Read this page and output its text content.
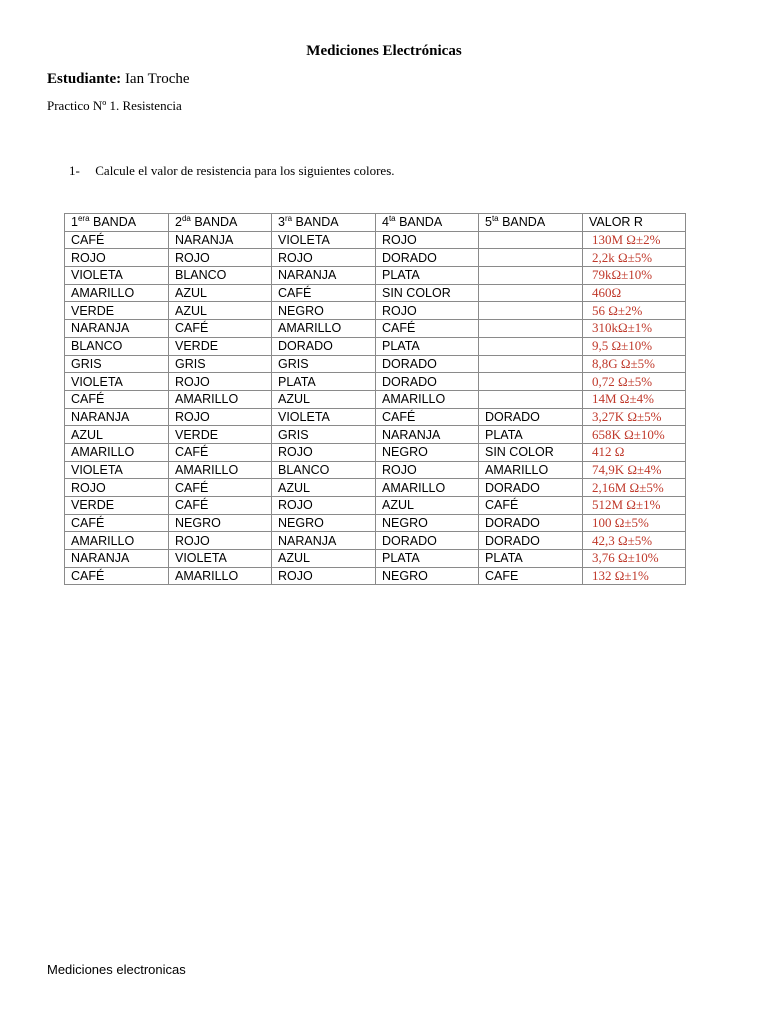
Mediciones Electrónicas
Estudiante: Ian Troche
Practico Nº 1. Resistencia
1- Calcule el valor de resistencia para los siguientes colores.
$1^{era}$ BANDA	$2^{da}$ BANDA	$3^{ra}$ BANDA	$4^{ta}$ BANDA	$5^{ta}$ BANDA	VALOR R
CAFÉ	NARANJA	VIOLETA	ROJO		130M Ω±2%
ROJO	ROJO	ROJO	DORADO		2,2k Ω±5%
VIOLETA	BLANCO	NARANJA	PLATA		79kΩ±10%
AMARILLO	AZUL	CAFÉ	SIN COLOR		460Ω
VERDE	AZUL	NEGRO	ROJO		56 Ω±2%
NARANJA	CAFÉ	AMARILLO	CAFÉ		310kΩ±1%
BLANCO	VERDE	DORADO	PLATA		9,5 Ω±10%
GRIS	GRIS	GRIS	DORADO		8,8G Ω±5%
VIOLETA	ROJO	PLATA	DORADO		0,72 Ω±5%
CAFÉ	AMARILLO	AZUL	AMARILLO		14M Ω±4%
NARANJA	ROJO	VIOLETA	CAFÉ	DORADO	3,27K Ω±5%
AZUL	VERDE	GRIS	NARANJA	PLATA	658K Ω±10%
AMARILLO	CAFÉ	ROJO	NEGRO	SIN COLOR	412 Ω
VIOLETA	AMARILLO	BLANCO	ROJO	AMARILLO	74,9K Ω±4%
ROJO	CAFÉ	AZUL	AMARILLO	DORADO	2,16M Ω±5%
VERDE	CAFÉ	ROJO	AZUL	CAFÉ	512M Ω±1%
CAFÉ	NEGRO	NEGRO	NEGRO	DORADO	100 Ω±5%
AMARILLO	ROJO	NARANJA	DORADO	DORADO	42,3 Ω±5%
NARANJA	VIOLETA	AZUL	PLATA	PLATA	3,76 Ω±10%
CAFÉ	AMARILLO	ROJO	NEGRO	CAFE	132 Ω±1%
Mediciones electronicas
